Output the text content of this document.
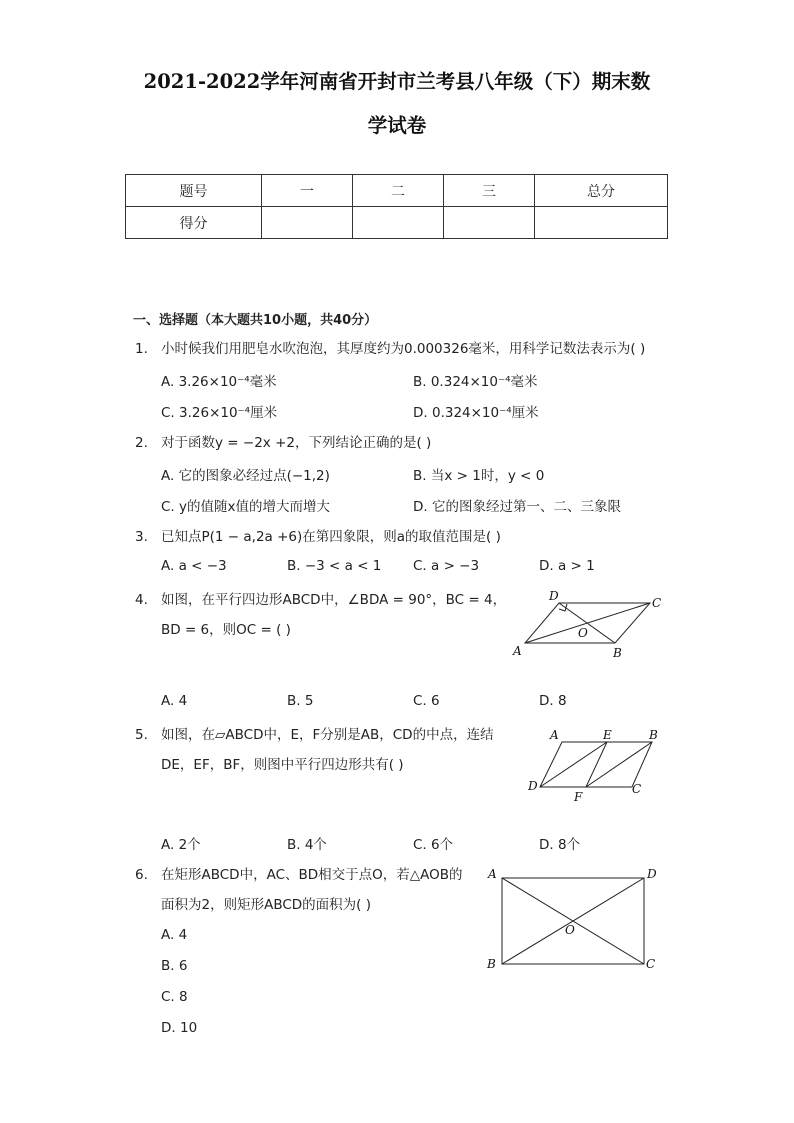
2021-2022学年河南省开封市兰考县八年级（下）期末数
学试卷
题号	一	二	三	总分
得分				
一、选择题（本大题共10小题，共40分）
1. 小时候我们用肥皂水吹泡泡，其厚度约为0.000326毫米，用科学记数法表示为( )
A. 3.26×10⁻⁴毫米	B. 0.324×10⁻⁴毫米
C. 3.26×10⁻⁴厘米	D. 0.324×10⁻⁴厘米
2. 对于函数y = −2x +2，下列结论正确的是( )
A. 它的图象必经过点(−1,2)	B. 当x > 1时，y < 0
C. y的值随x值的增大而增大	D. 它的图象经过第一、二、三象限
3. 已知点P(1 − a,2a +6)在第四象限，则a的取值范围是( )
A. a < −3	B. −3 < a < 1 C. a > −3	D. a > 1
4. 如图，在平行四边形ABCD中，∠BDA = 90°，BC = 4，
BD = 6，则OC = ( )
D	C
O
A	B
A. 4	B. 5	C. 6	D. 8
5. 如图，在▱ABCD中，E，F分别是AB，CD的中点，连结
DE，EF，BF，则图中平行四边形共有( )
A	E	B
D
F
C
A. 2个	B. 4个	C. 6个	D. 8个
6. 在矩形ABCD中，AC、BD相交于点O，若△AOB的
面积为2，则矩形ABCD的面积为( )
A	D
O
B	C
A. 4
B. 6
C. 8
D. 10
